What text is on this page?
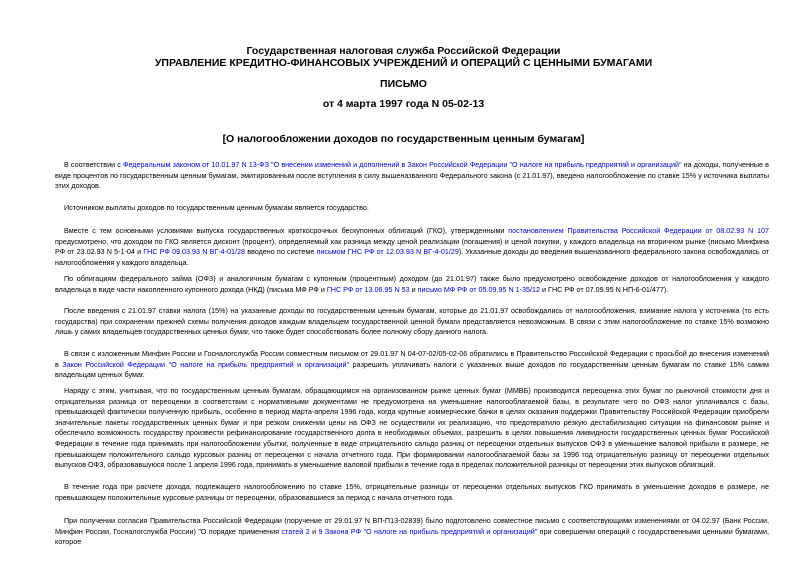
Государственная налоговая служба Российской Федерации
УПРАВЛЕНИЕ КРЕДИТНО-ФИНАНСОВЫХ УЧРЕЖДЕНИЙ И ОПЕРАЦИЙ С ЦЕННЫМИ БУМАГАМИ
ПИСЬМО
от 4 марта 1997 года N 05-02-13
[О налогообложении доходов по государственным ценным бумагам]

В соответствии с Федеральным законом от 10.01.97 N 13-ФЗ "О внесении изменений и дополнений в Закон Российской Федерации "О налоге на прибыль предприятий и организаций" на доходы, полученные в виде процентов по государственным ценным бумагам, эмитированным после вступления в силу вышеназванного Федерального закона (с 21.01.97), введено налогообложение по ставке 15% у источника выплаты этих доходов.

Источником выплаты доходов по государственным ценным бумагам является государство.

Вместе с тем основными условиями выпуска государственных краткосрочных бескупонных облигаций (ГКО), утвержденными постановлением Правительства Российской Федерации от 08.02.93 N 107 предусмотрено, что доходом по ГКО является дисконт (процент), определяемый как разница между ценой реализации (погашения) и ценой покупки, у каждого владельца на вторичном рынке (письмо Минфина РФ от 23.02.93 N 5-1-04 и ГНС РФ 09.03.93 N ВГ-4-01/28 вводено по системе письмом ГНС РФ от 12.03.93 N ВГ-4-01/29). Указанные доходы до введения вышеназванного федерального закона освобождались от налогообложения у каждого владельца.

По облигациям федерального займа (ОФЗ) и аналогичным бумагам с купонным (процентным) доходом (до 21.01.97) также было предусмотрено освобождение доходов от налогообложения у каждого владельца в виде части накопленного купонного дохода (НКД) (письма МФ РФ и ГНС РФ от 13.06.95 N 53 и письмо МФ РФ от 05.09.95 N 1-35/12 и ГНС РФ от 07.09.95 N НП-6-01/477).

После введения с 21.01.97 ставки налога (15%) на указанные доходы по государственным ценным бумагам, которые до 21.01.97 освобождались от налогообложения, взимание налога у источника (то есть государства) при сохранении прежней схемы получения доходов каждым владельцем государственной ценной бумаги представляется невозможным. В связи с этим налогообложение по ставке 15% возможно лишь у самих владельцев государственных ценных бумаг, что также будет способствовать более полному сбору данного налога.

В связи с изложенным Минфин России и Госналогслужба России совместным письмом от 29.01.97 N 04-07-02/05-02-06 обратились в Правительство Российской Федерации с просьбой до внесения изменений в Закон Российской Федерации "О налоге на прибыль предприятий и организаций" разрешить уплачивать налоги с указанных выше доходов по государственным ценным бумагам по ставке 15% самим владельцам ценных бумаг.

Наряду с этим, учитывая, что по государственным ценным бумагам, обращающимся на организованном рынке ценных бумаг (ММВБ) производится переоценка этих бумаг по рыночной стоимости дня и отрицательная разница от переоценки в соответствии с нормативными документами не предусмотрена на уменьшение налогооблагаемой базы, в результате чего по ОФЗ налог уплачивался с базы, превышающей фактически полученную прибыль, особенно в период марта-апреля 1996 года, когда крупные коммерческие банки в целях оказания поддержки Правительству Российской Федерации приобрели значительные пакеты государственных ценных бумаг и при резком снижении цены на ОФЗ не осуществили их реализацию, что предотвратило резкую дестабилизацию ситуации на финансовом рынке и обеспечило возможность государству произвести рефинансирование государственного долга в необходимых объемах, разрешить в целях повышения ликвидности государственных ценных бумаг Российской Федерации в течение года принимать при налогообложении убытки, полученные в виде отрицательного сальдо разниц от переоценки отдельных выпусков ОФЗ в уменьшение валовой прибыли в размере, не превышающем положительного сальдо курсовых разниц от переоценки с начала отчетного года. При формировании налогооблагаемой базы за 1996 год отрицательную разницу от переоценки отдельных выпусков ОФЗ, образовавшуюся после 1 апреля 1996 года, принимать в уменьшение валовой прибыли в течение года в пределах положительной разницы от переоценки этих выпусков облигаций.

В течение года при расчете дохода, подлежащего налогообложению по ставке 15%, отрицательные разницы от переоценки отдельных выпусков ГКО принимать в уменьшение доходов в размере, не превышающем положительные курсовые разницы от переоценки, образовавшиеся за период с начала отчетного года.

При получении согласия Правительства Российской Федерации (поручение от 29.01.97 N ВП-П13-02839) было подготовлено совместное письмо с соответствующими изменениями от 04.02.97 (Банк России, Минфин России, Госналогслужба России) "О порядке применения статей 2 и 9 Закона РФ "О налоге на прибыль предприятий и организаций" при совершении операций с государственными ценными бумагами, которое
